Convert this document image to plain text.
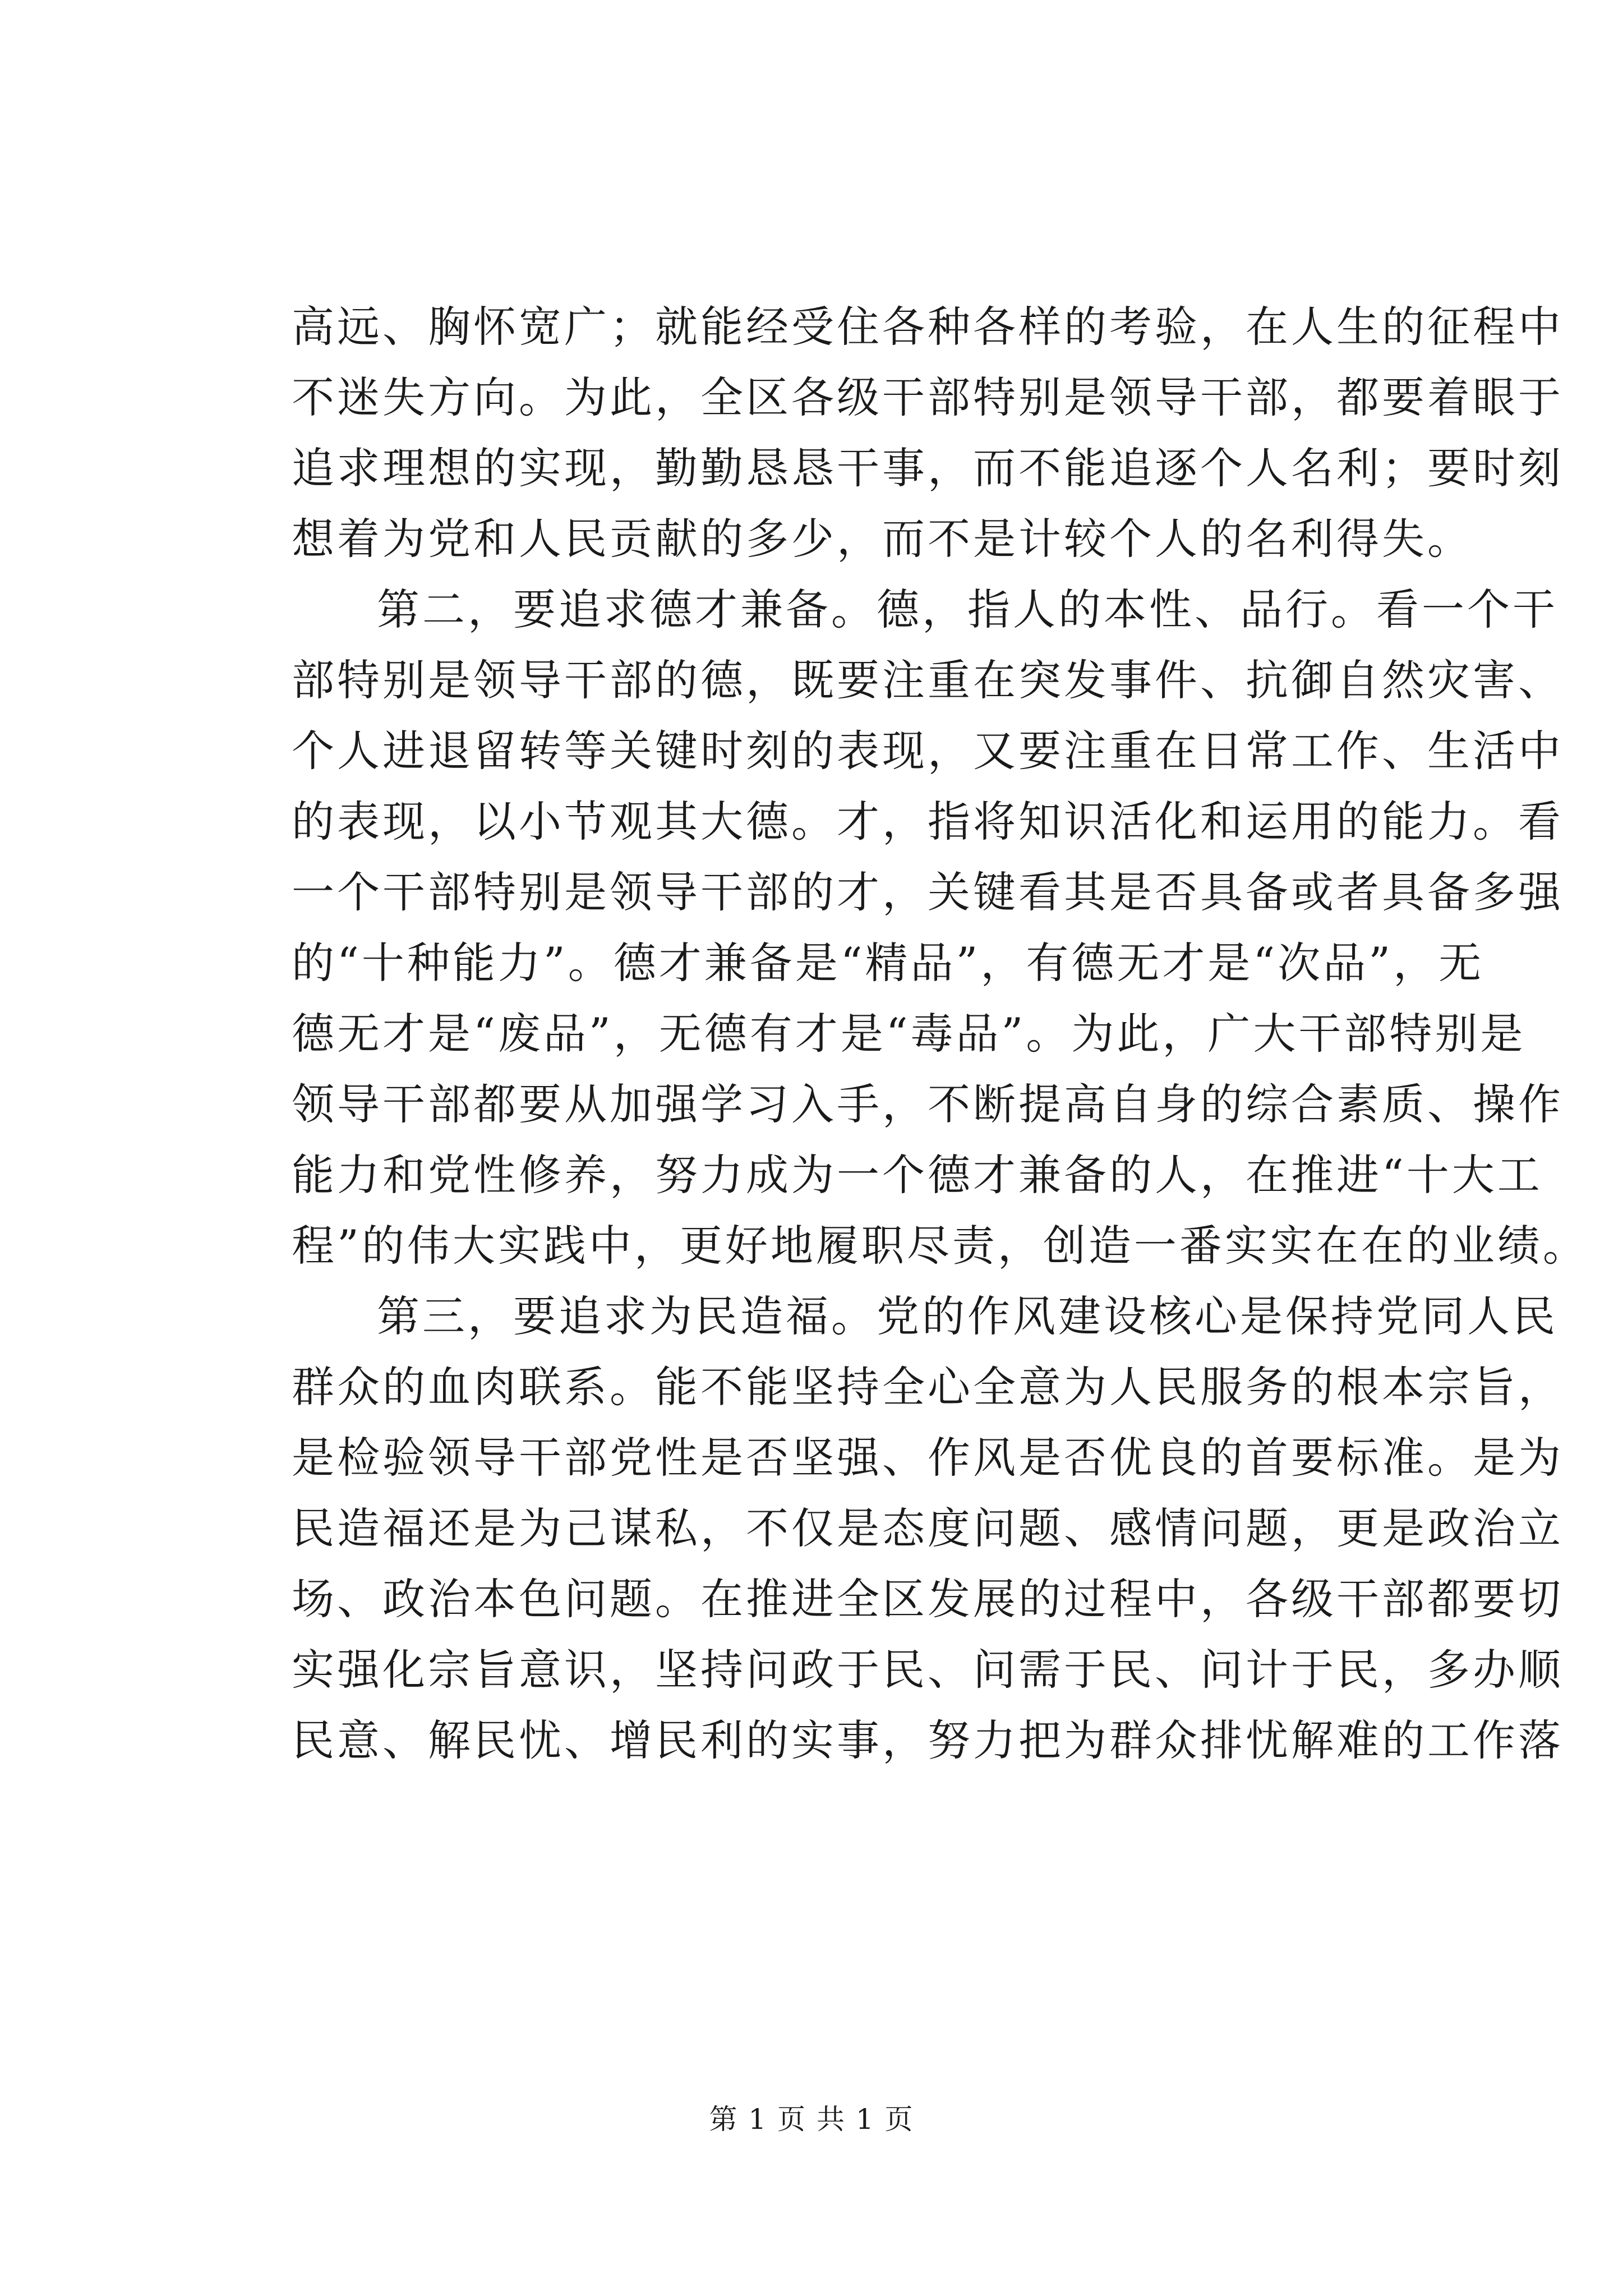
高远、胸怀宽广；就能经受住各种各样的考验，在人生的征程中
不迷失方向。为此，全区各级干部特别是领导干部，都要着眼于
追求理想的实现，勤勤恳恳干事，而不能追逐个人名利；要时刻
想着为党和人民贡献的多少，而不是计较个人的名利得失。
第二，要追求德才兼备。德，指人的本性、品行。看一个干
部特别是领导干部的德，既要注重在突发事件、抗御自然灾害、
个人进退留转等关键时刻的表现，又要注重在日常工作、生活中
的表现，以小节观其大德。才，指将知识活化和运用的能力。看
一个干部特别是领导干部的才，关键看其是否具备或者具备多强
的“十种能力”。德才兼备是“精品”，有德无才是“次品”，无
德无才是“废品”，无德有才是“毒品”。为此，广大干部特别是
领导干部都要从加强学习入手，不断提高自身的综合素质、操作
能力和党性修养，努力成为一个德才兼备的人，在推进“十大工
程”的伟大实践中，更好地履职尽责，创造一番实实在在的业绩。
第三，要追求为民造福。党的作风建设核心是保持党同人民
群众的血肉联系。能不能坚持全心全意为人民服务的根本宗旨，
是检验领导干部党性是否坚强、作风是否优良的首要标准。是为
民造福还是为己谋私，不仅是态度问题、感情问题，更是政治立
场、政治本色问题。在推进全区发展的过程中，各级干部都要切
实强化宗旨意识，坚持问政于民、问需于民、问计于民，多办顺
民意、解民忧、增民利的实事，努力把为群众排忧解难的工作落
第 1 页 共 1 页
